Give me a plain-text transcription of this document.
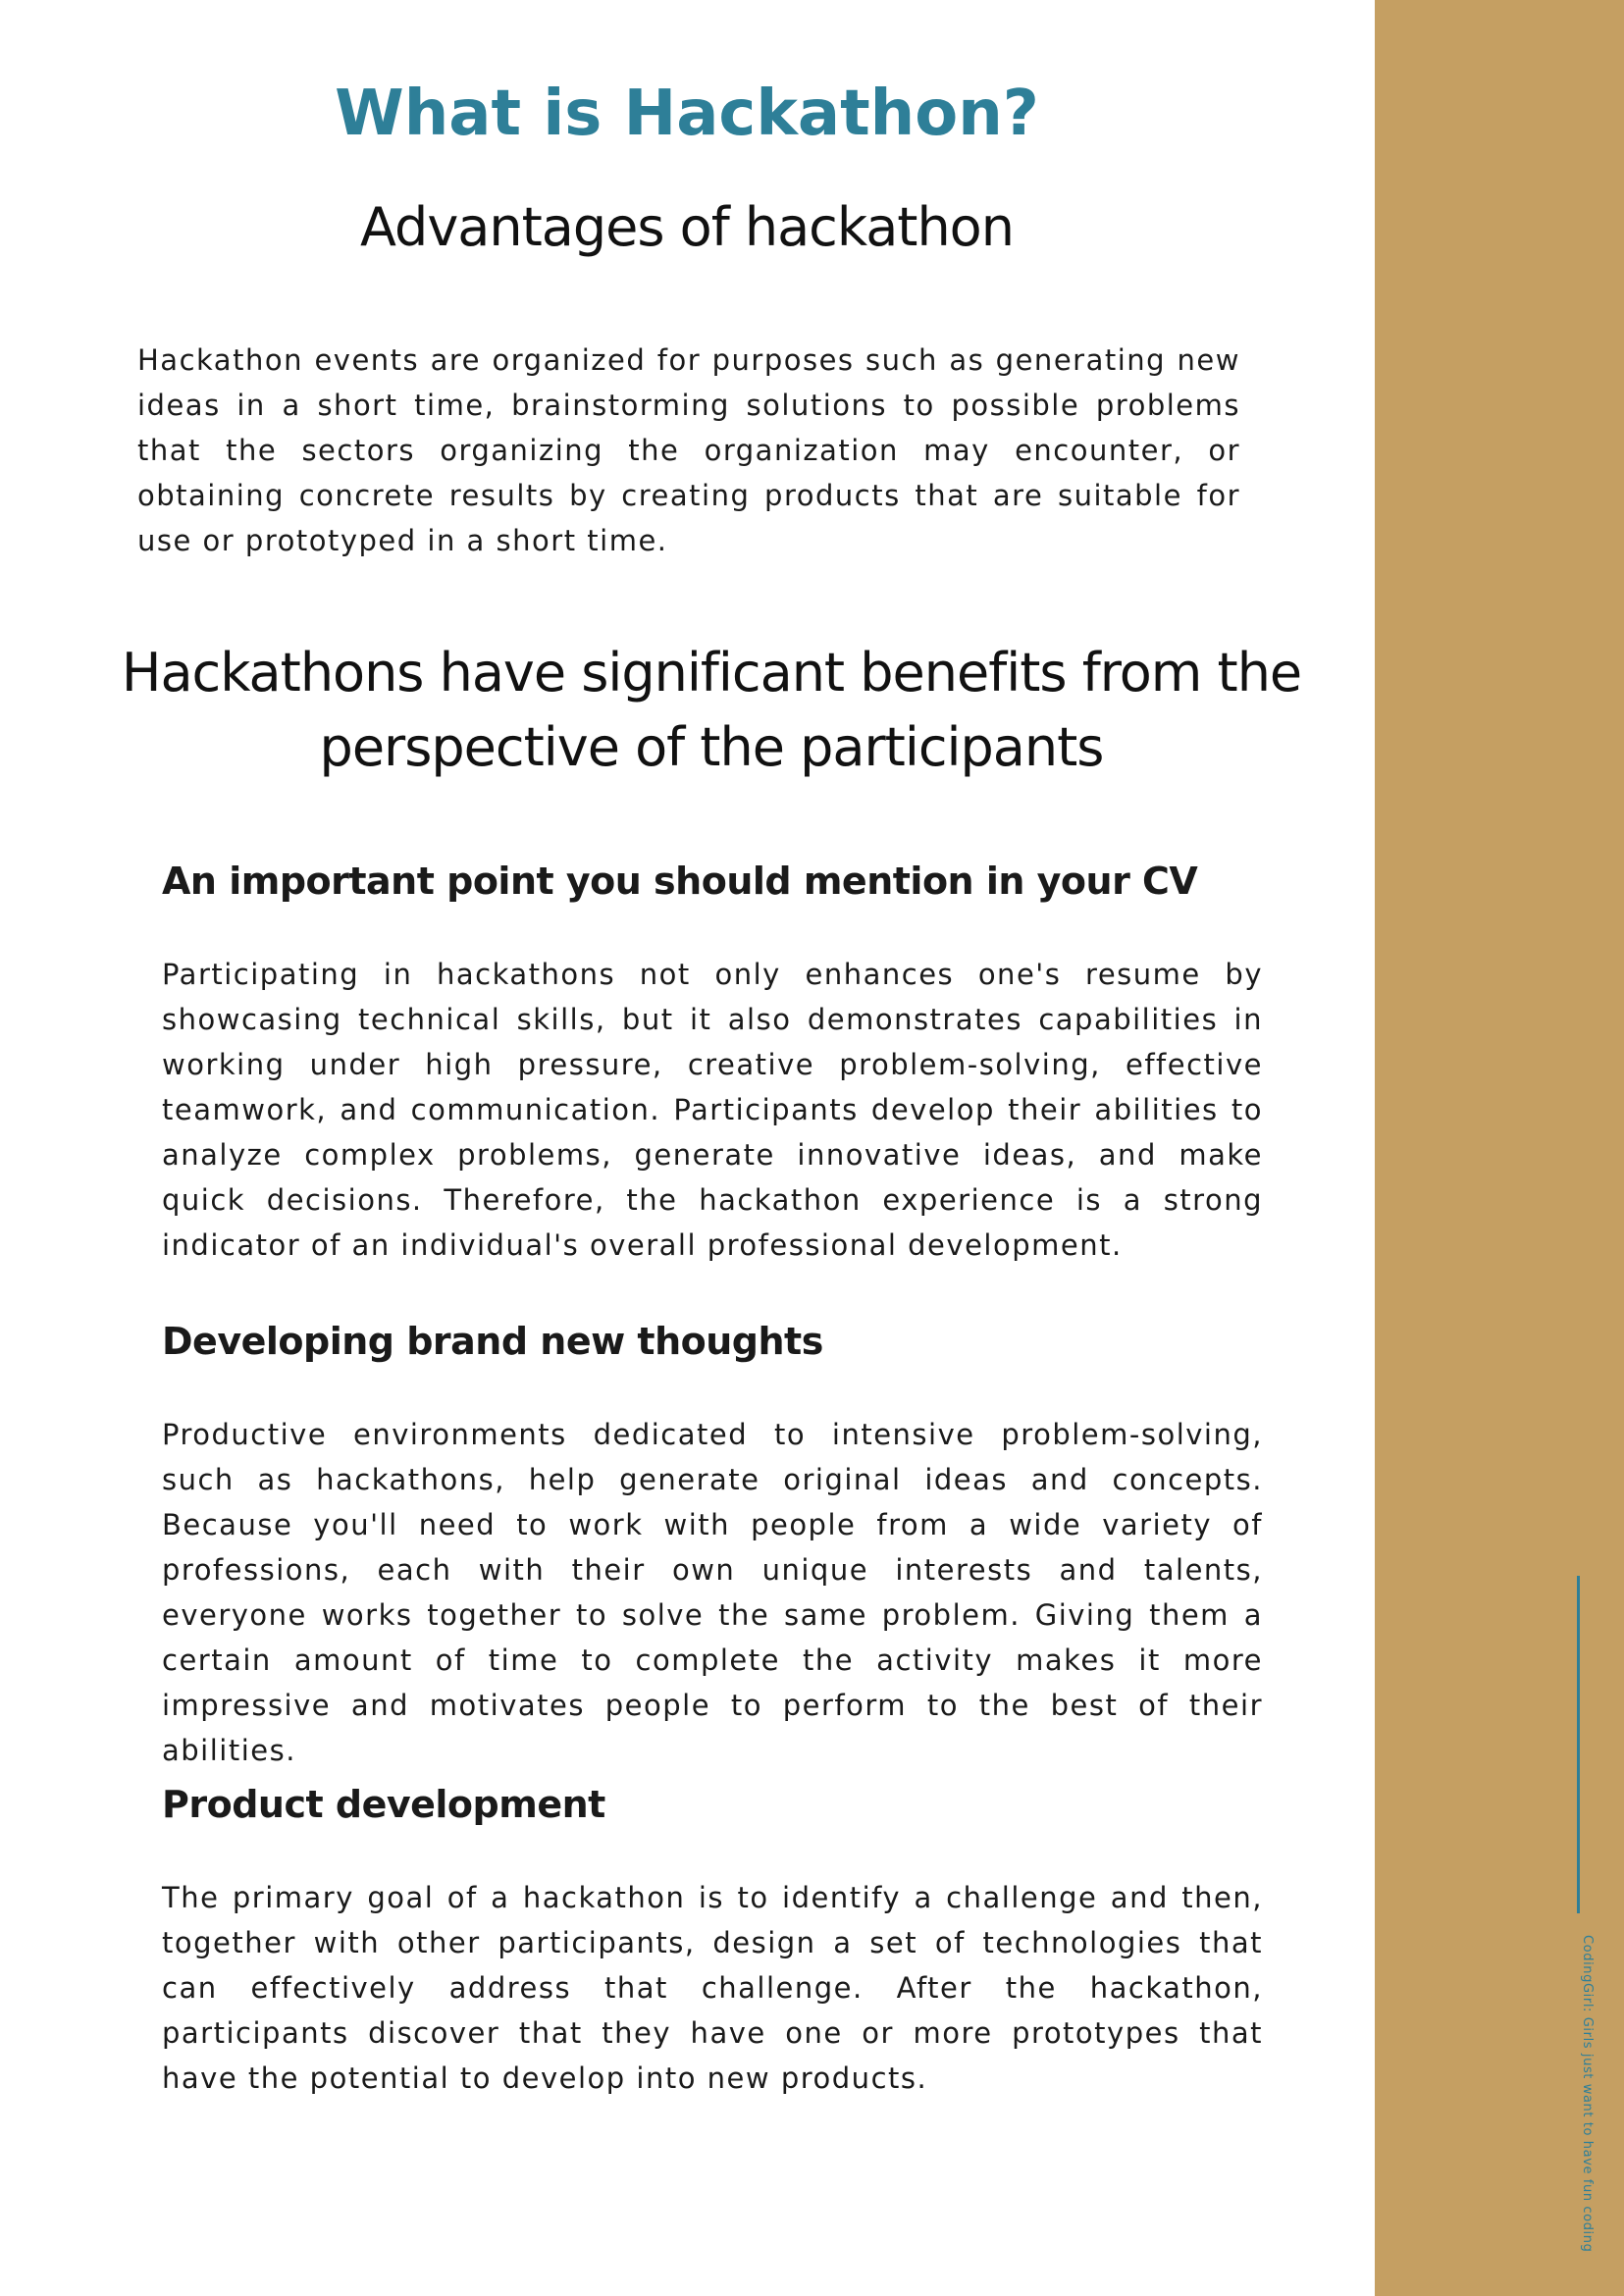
What is Hackathon?
Advantages of hackathon

Hackathon events are organized for purposes such as generating new ideas in a short time, brainstorming solutions to possible problems that the sectors organizing the organization may encounter, or obtaining concrete results by creating products that are suitable for use or prototyped in a short time.

Hackathons have significant benefits from the perspective of the participants
An important point you should mention in your CV

Participating in hackathons not only enhances one's resume by showcasing technical skills, but it also demonstrates capabilities in working under high pressure, creative problem-solving, effective teamwork, and communication. Participants develop their abilities to analyze complex problems, generate innovative ideas, and make quick decisions. Therefore, the hackathon experience is a strong indicator of an individual's overall professional development.

Developing brand new thoughts

Productive environments dedicated to intensive problem-solving, such as hackathons, help generate original ideas and concepts. Because you'll need to work with people from a wide variety of professions, each with their own unique interests and talents, everyone works together to solve the same problem. Giving them a certain amount of time to complete the activity makes it more impressive and motivates people to perform to the best of their abilities.

Product development

The primary goal of a hackathon is to identify a challenge and then, together with other participants, design a set of technologies that can effectively address that challenge. After the hackathon, participants discover that they have one or more prototypes that have the potential to develop into new products.	CodingGirl: Girls just want to have fun coding
